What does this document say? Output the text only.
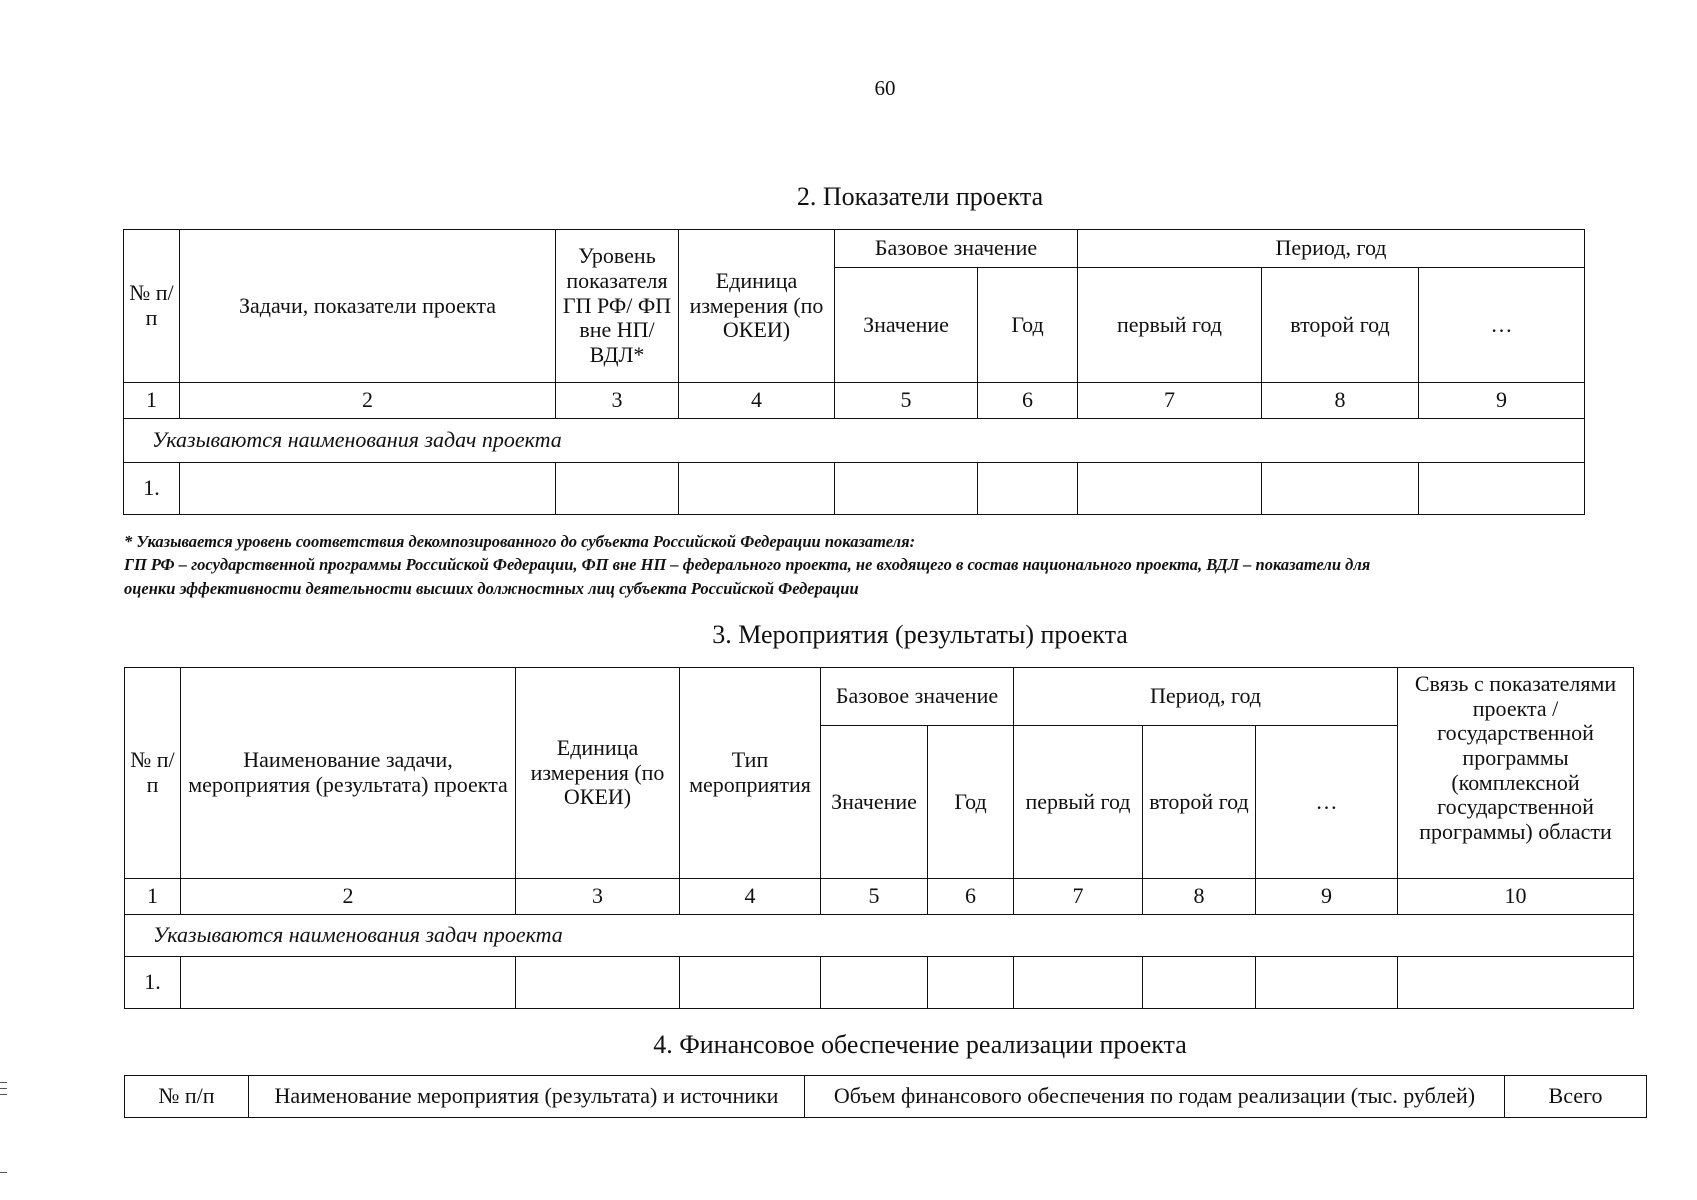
60
2. Показатели проекта
№ п/п	Задачи, показатели проекта	Уровень показателя ГП РФ/ ФП вне НП/ ВДЛ*	Единица измерения (по ОКЕИ)	Базовое значение		Период, год		
				Значение	Год	первый год	второй год	…
1	2	3	4	5	6	7	8	9
Указываются наименования задач проекта								
1.								
* Указывается уровень соответствия декомпозированного до субъекта Российской Федерации показателя:
ГП РФ – государственной программы Российской Федерации, ФП вне НП – федерального проекта, не входящего в состав национального проекта, ВДЛ – показатели для
оценки эффективности деятельности высших должностных лиц субъекта Российской Федерации
3. Мероприятия (результаты) проекта
№ п/п	Наименование задачи, мероприятия (результата) проекта	Единица измерения (по ОКЕИ)	Тип мероприятия	Базовое значение		Период, год			Связь с показателями проекта / государственной программы (комплексной государственной программы) области
				Значение	Год	первый год	второй год	…	
1	2	3	4	5	6	7	8	9	10
Указываются наименования задач проекта									
1.									
4. Финансовое обеспечение реализации проекта
№ п/п	Наименование мероприятия (результата) и источники	Объем финансового обеспечения по годам реализации (тыс. рублей)	Всего
